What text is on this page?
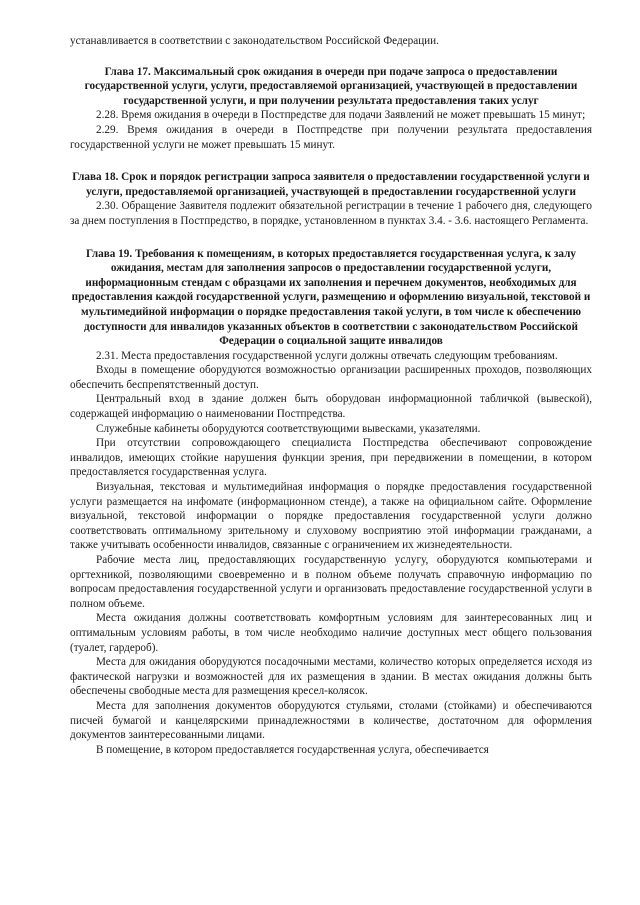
устанавливается в соответствии с законодательством Российской Федерации.

Глава 17. Максимальный срок ожидания в очереди при подаче запроса о предоставлении государственной услуги, услуги, предоставляемой организацией, участвующей в предоставлении государственной услуги, и при получении результата предоставления таких услуг

2.28. Время ожидания в очереди в Постпредстве для подачи Заявлений не может превышать 15 минут;

2.29. Время ожидания в очереди в Постпредстве при получении результата предоставления государственной услуги не может превышать 15 минут.

Глава 18. Срок и порядок регистрации запроса заявителя о предоставлении государственной услуги и услуги, предоставляемой организацией, участвующей в предоставлении государственной услуги

2.30. Обращение Заявителя подлежит обязательной регистрации в течение 1 рабочего дня, следующего за днем поступления в Постпредство, в порядке, установленном в пунктах 3.4. - 3.6. настоящего Регламента.

Глава 19. Требования к помещениям, в которых предоставляется государственная услуга, к залу ожидания, местам для заполнения запросов о предоставлении государственной услуги, информационным стендам с образцами их заполнения и перечнем документов, необходимых для предоставления каждой государственной услуги, размещению и оформлению визуальной, текстовой и мультимедийной информации о порядке предоставления такой услуги, в том числе к обеспечению доступности для инвалидов указанных объектов в соответствии с законодательством Российской Федерации о социальной защите инвалидов

2.31. Места предоставления государственной услуги должны отвечать следующим требованиям.

Входы в помещение оборудуются возможностью организации расширенных проходов, позволяющих обеспечить беспрепятственный доступ.

Центральный вход в здание должен быть оборудован информационной табличкой (вывеской), содержащей информацию о наименовании Постпредства.

Служебные кабинеты оборудуются соответствующими вывесками, указателями.

При отсутствии сопровождающего специалиста Постпредства обеспечивают сопровождение инвалидов, имеющих стойкие нарушения функции зрения, при передвижении в помещении, в котором предоставляется государственная услуга.

Визуальная, текстовая и мультимедийная информация о порядке предоставления государственной услуги размещается на инфомате (информационном стенде), а также на официальном сайте. Оформление визуальной, текстовой информации о порядке предоставления государственной услуги должно соответствовать оптимальному зрительному и слуховому восприятию этой информации гражданами, а также учитывать особенности инвалидов, связанные с ограничением их жизнедеятельности.

Рабочие места лиц, предоставляющих государственную услугу, оборудуются компьютерами и оргтехникой, позволяющими своевременно и в полном объеме получать справочную информацию по вопросам предоставления государственной услуги и организовать предоставление государственной услуги в полном объеме.

Места ожидания должны соответствовать комфортным условиям для заинтересованных лиц и оптимальным условиям работы, в том числе необходимо наличие доступных мест общего пользования (туалет, гардероб).

Места для ожидания оборудуются посадочными местами, количество которых определяется исходя из фактической нагрузки и возможностей для их размещения в здании. В местах ожидания должны быть обеспечены свободные места для размещения кресел-колясок.

Места для заполнения документов оборудуются стульями, столами (стойками) и обеспечиваются писчей бумагой и канцелярскими принадлежностями в количестве, достаточном для оформления документов заинтересованными лицами.

В помещение, в котором предоставляется государственная услуга, обеспечивается
